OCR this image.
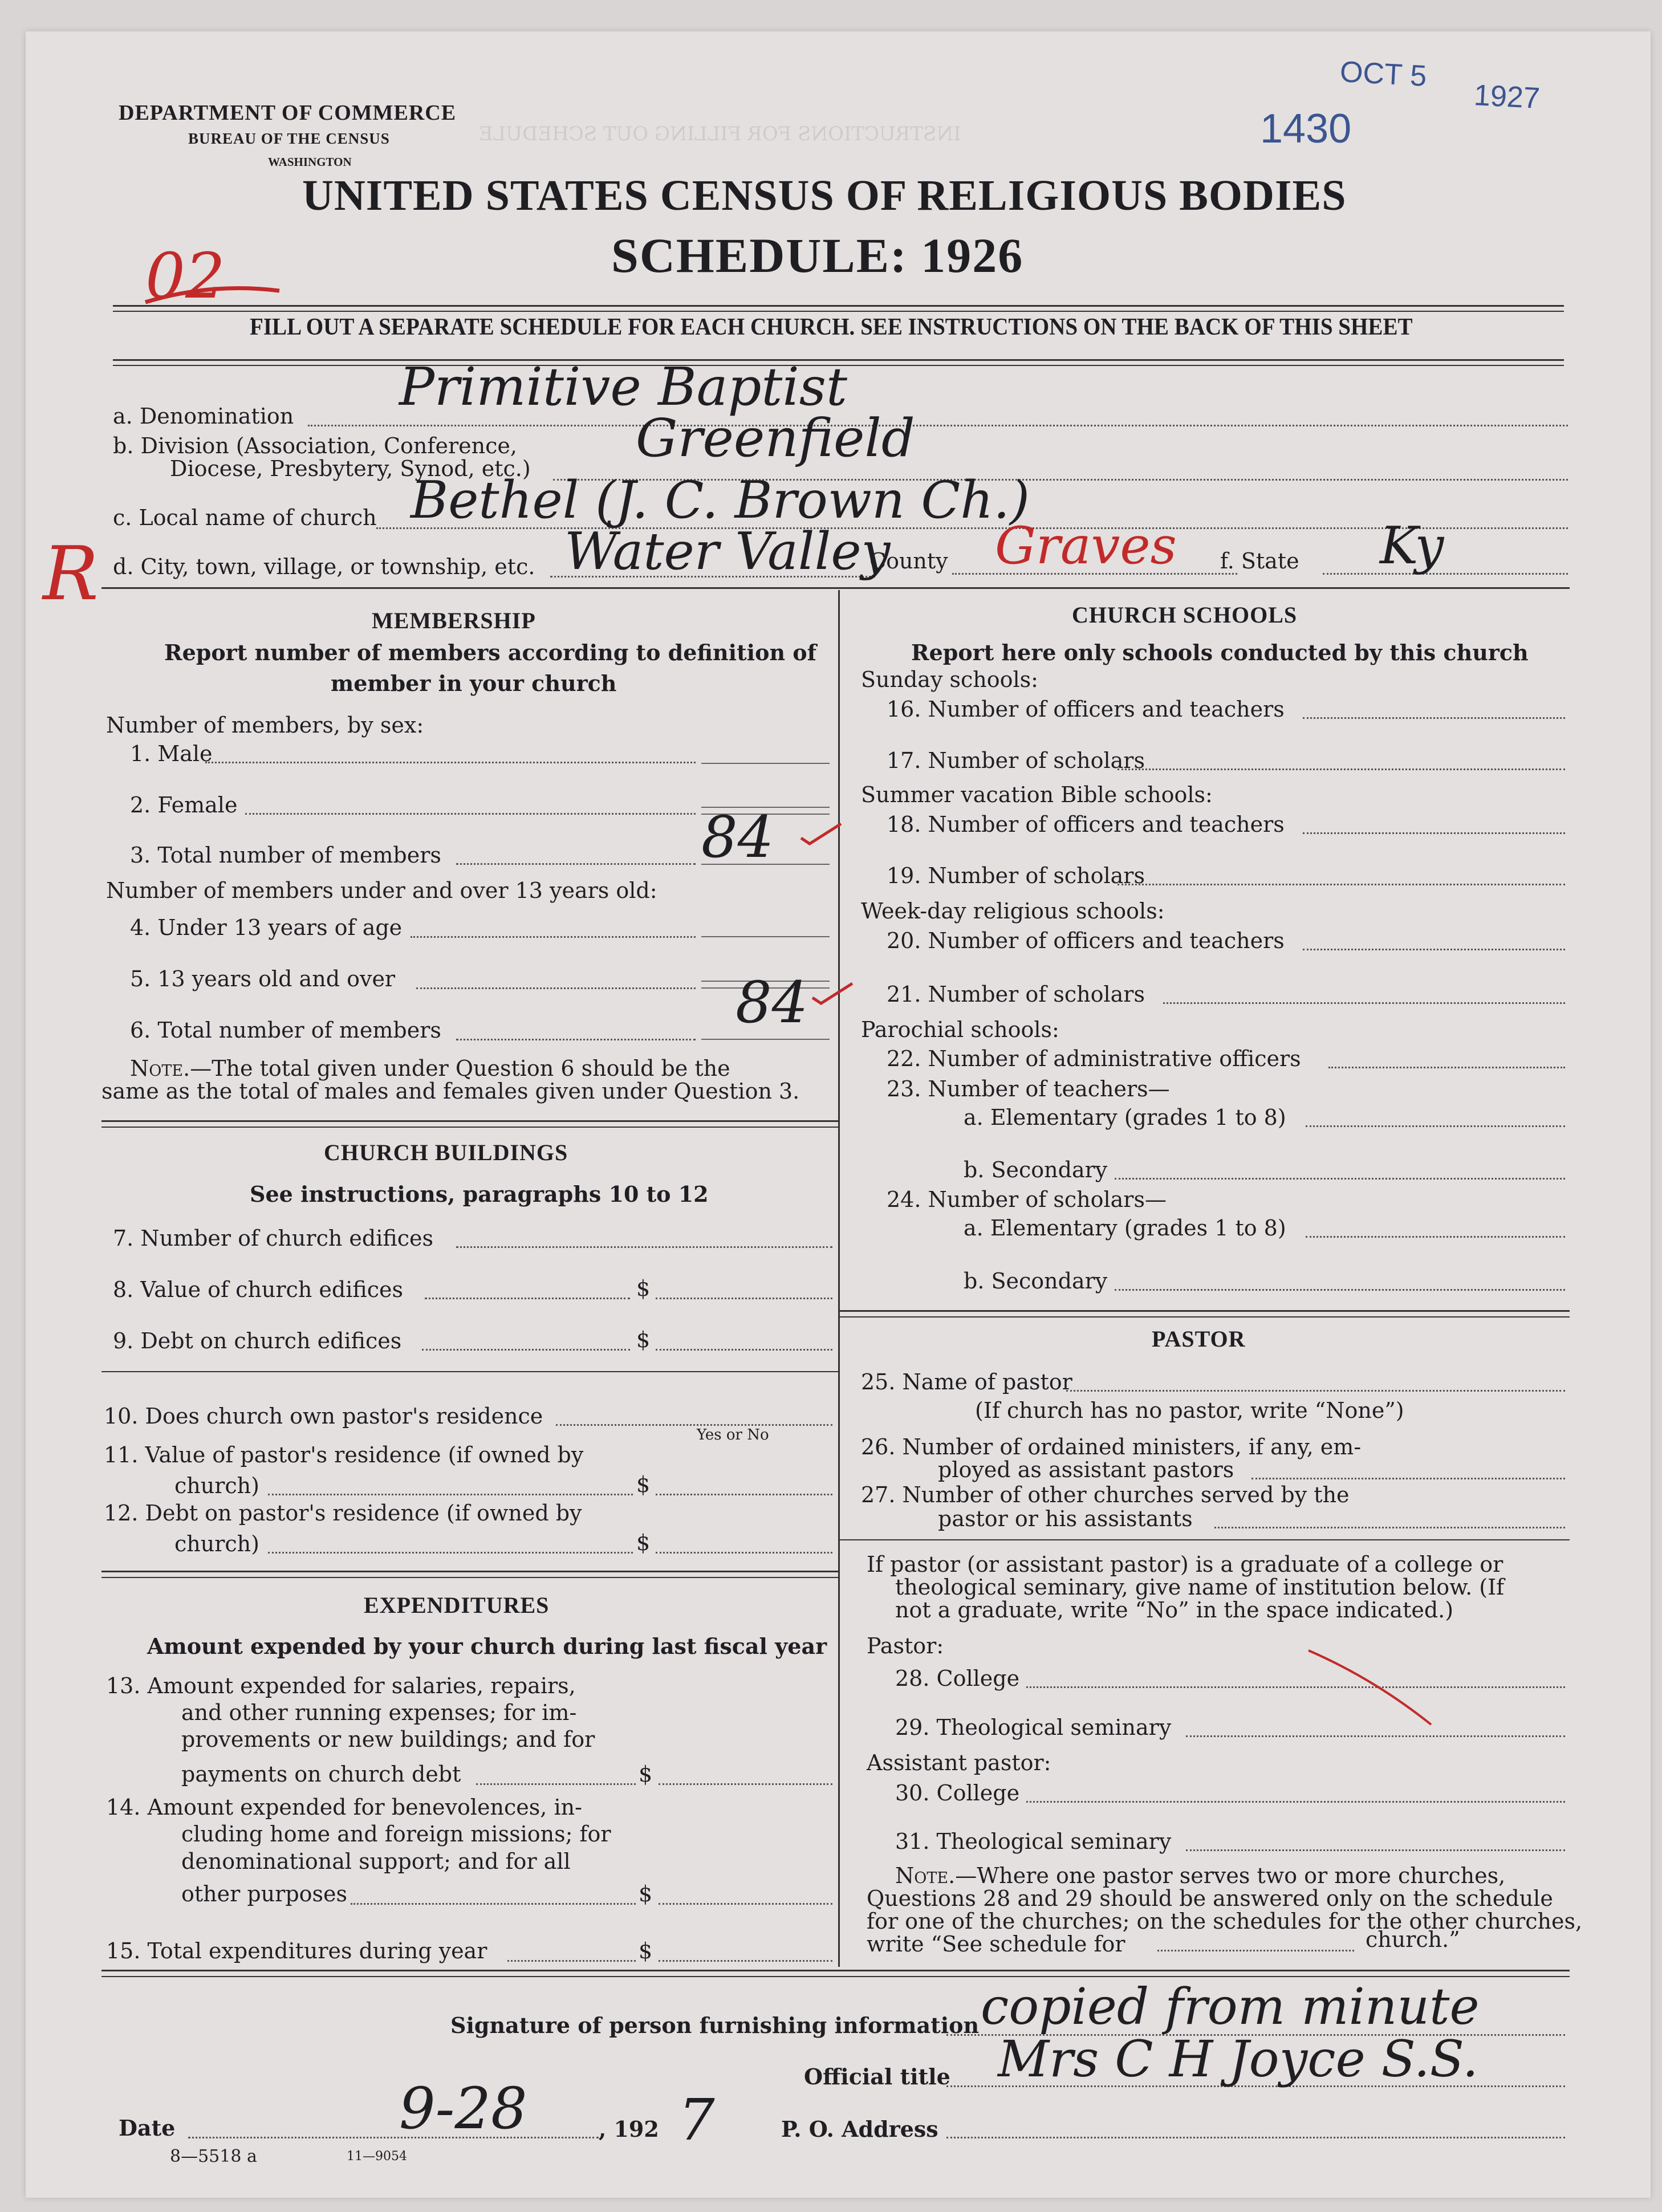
INSTRUCTIONS FOR FILLING OUT SCHEDULE
DEPARTMENT OF COMMERCE
BUREAU OF THE CENSUS
WASHINGTON
UNITED STATES CENSUS OF RELIGIOUS BODIES
SCHEDULE: 1926
OCT 5
1927
1430
02
R
FILL OUT A SEPARATE SCHEDULE FOR EACH CHURCH. SEE INSTRUCTIONS ON THE BACK OF THIS SHEET
a. Denomination Primitive Baptist
b. Division (Association, Conference,
Diocese, Presbytery, Synod, etc.) Greenfield
c. Local name of church Bethel (J. C. Brown Ch.)
d. City, town, village, or township, etc. Water Valley
County Graves f. State Ky
MEMBERSHIP
Report number of members according to definition of
member in your church
Number of members, by sex:
1. Male
2. Female
3. Total number of members	84
Number of members under and over 13 years old:
4. Under 13 years of age
5. 13 years old and over
6. Total number of members	84
Note.—The total given under Question 6 should be the
same as the total of males and females given under Question 3.
CHURCH BUILDINGS
See instructions, paragraphs 10 to 12
7. Number of church edifices
8. Value of church edifices	$
9. Debt on church edifices	$
10. Does church own pastor's residence
Yes or No
11. Value of pastor's residence (if owned by
church)	$
12. Debt on pastor's residence (if owned by
church)	$
EXPENDITURES
Amount expended by your church during last fiscal year
13. Amount expended for salaries, repairs,
and other running expenses; for im-
provements or new buildings; and for
payments on church debt	$
14. Amount expended for benevolences, in-
cluding home and foreign missions; for
denominational support; and for all
other purposes	$
15. Total expenditures during year	$
CHURCH SCHOOLS
Report here only schools conducted by this church
Sunday schools:
16. Number of officers and teachers
17. Number of scholars
Summer vacation Bible schools:
18. Number of officers and teachers
19. Number of scholars
Week-day religious schools:
20. Number of officers and teachers
21. Number of scholars
Parochial schools:
22. Number of administrative officers
23. Number of teachers—
a. Elementary (grades 1 to 8)
b. Secondary
24. Number of scholars—
a. Elementary (grades 1 to 8)
b. Secondary
PASTOR
25. Name of pastor
(If church has no pastor, write “None”)
26. Number of ordained ministers, if any, em-
ployed as assistant pastors
27. Number of other churches served by the
pastor or his assistants
If pastor (or assistant pastor) is a graduate of a college or
theological seminary, give name of institution below. (If
not a graduate, write “No” in the space indicated.)
Pastor:
28. College
29. Theological seminary
Assistant pastor:
30. College
31. Theological seminary
Note.—Where one pastor serves two or more churches,
Questions 28 and 29 should be answered only on the schedule
for one of the churches; on the schedules for the other churches,
write “See schedule for	church.”
Signature of person furnishing information copied from minute
Official title Mrs C H Joyce S.S.
Date	9-28	, 192 7	P. O. Address
8—5518 a	11—9054
